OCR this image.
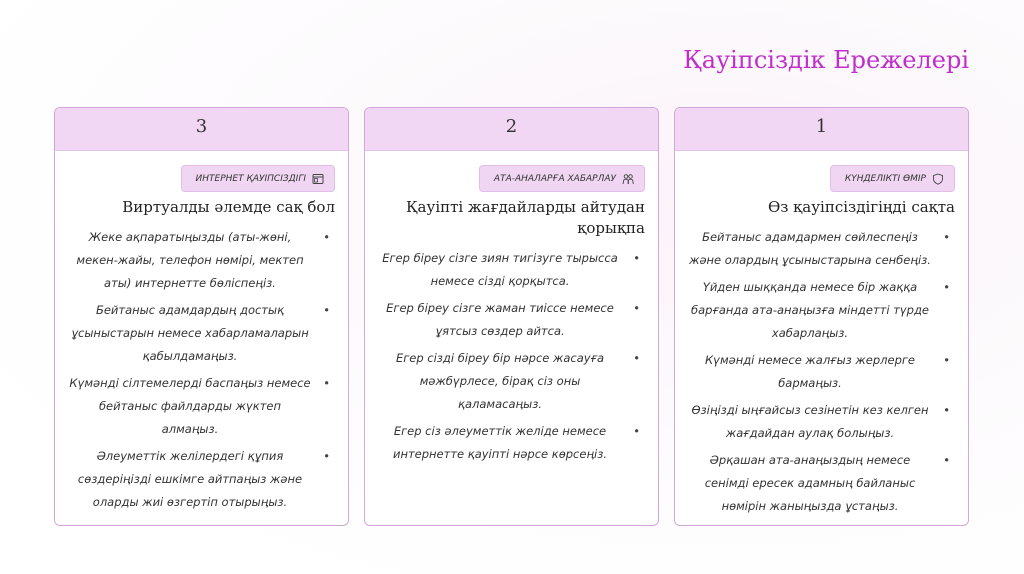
Қауіпсіздік Ережелері
3
ИНТЕРНЕТ ҚАУІПСІЗДІГІ
Виртуалды әлемде сақ бол
Жеке ақпаратыңызды (аты-жөні, мекен-жайы, телефон нөмірі, мектеп аты) интернетте бөліспеңіз.
•
Бейтаныс адамдардың достық ұсыныстарын немесе хабарламаларын қабылдамаңыз.
•
Күмәнді сілтемелерді баспаңыз немесе бейтаныс файлдарды жүктеп алмаңыз.
•
Әлеуметтік желілердегі құпия сөздеріңізді ешкімге айтпаңыз және оларды жиі өзгертіп отырыңыз.
•
2
АТА-АНАЛАРҒА ХАБАРЛАУ
Қауіпті жағдайларды айтудан қорықпа
Егер біреу сізге зиян тигізуге тырысса немесе сізді қорқытса.
•
Егер біреу сізге жаман тиіссе немесе ұятсыз сөздер айтса.
•
Егер сізді біреу бір нәрсе жасауға мәжбүрлесе, бірақ сіз оны қаламасаңыз.
•
Егер сіз әлеуметтік желіде немесе интернетте қауіпті нәрсе көрсеңіз.
•
1
КҮНДЕЛІКТІ ӨМІР
Өз қауіпсіздігіңді сақта
Бейтаныс адамдармен сөйлеспеңіз және олардың ұсыныстарына сенбеңіз.
•
Үйден шыққанда немесе бір жаққа барғанда ата-анаңызға міндетті түрде хабарлаңыз.
•
Күмәнді немесе жалғыз жерлерге бармаңыз.
•
Өзіңізді ыңғайсыз сезінетін кез келген жағдайдан аулақ болыңыз.
•
Әрқашан ата-анаңыздың немесе сенімді ересек адамның байланыс нөмірін жаныңызда ұстаңыз.
•
